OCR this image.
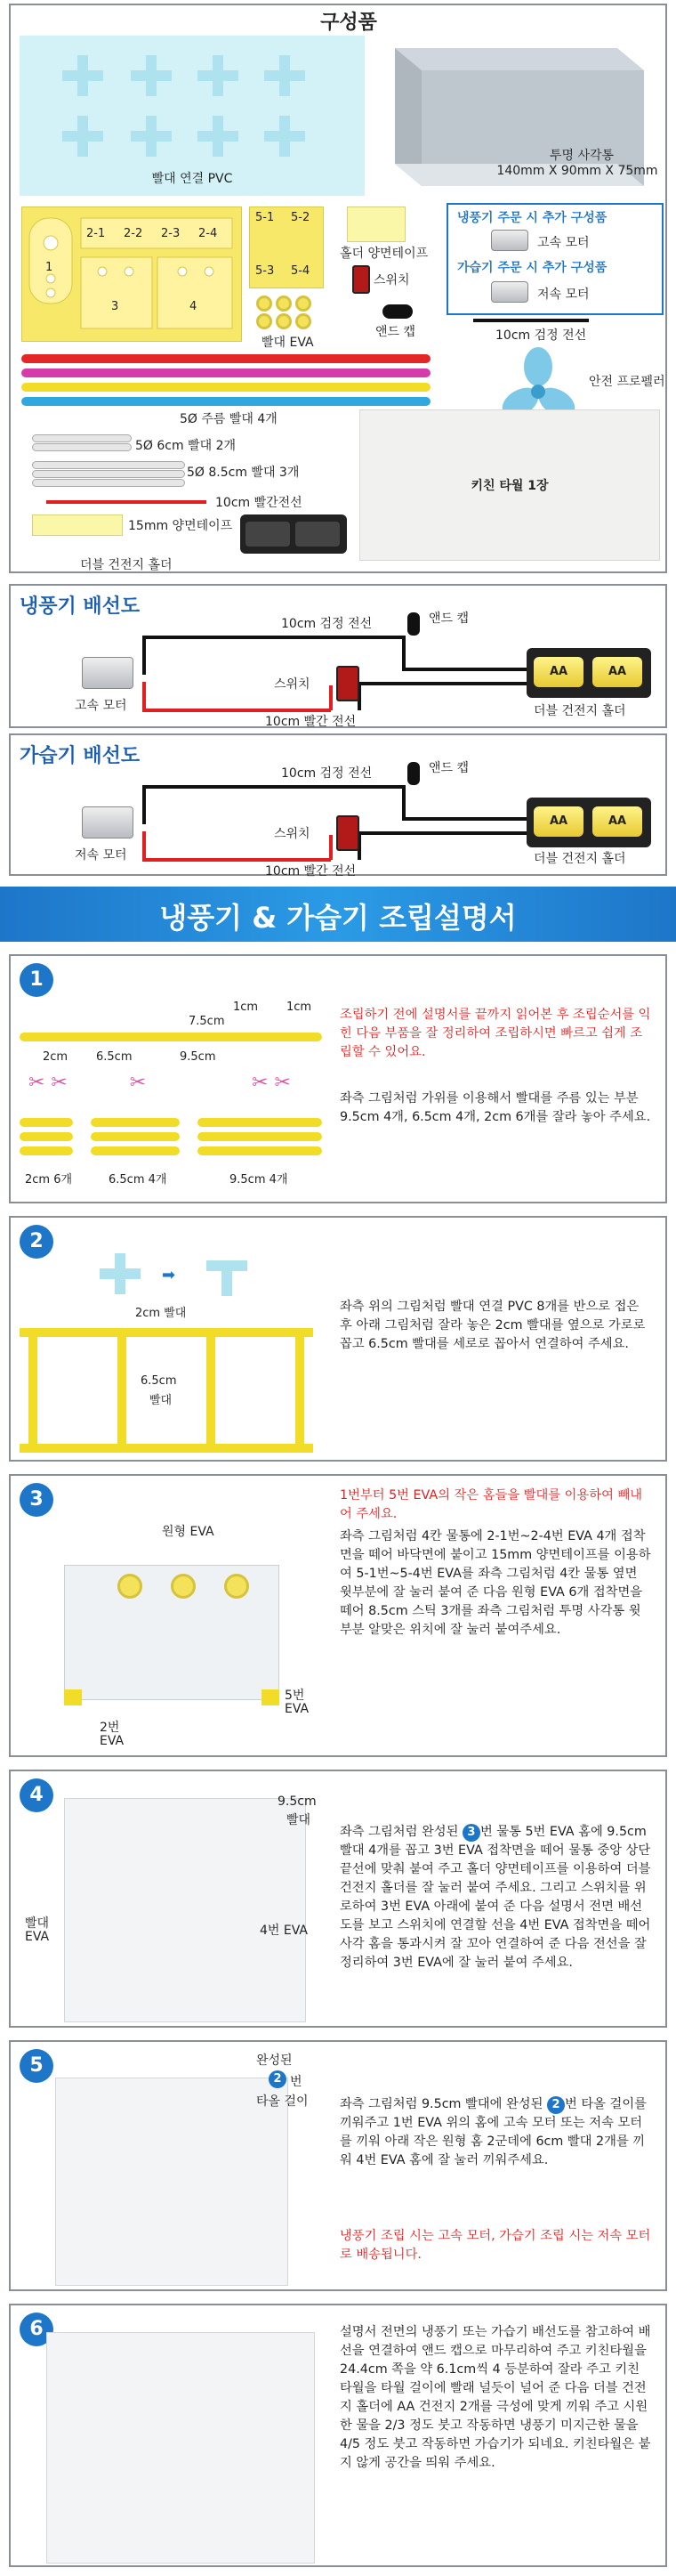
구성품
빨대 연결 PVC
투명 사각통
140mm X 90mm X 75mm
1
2-1 2-2 2-3 2-4
3	4
5-1 5-2
5-3 5-4
빨대 EVA
홀더 양면테이프
스위치
앤드 캡
냉풍기 주문 시 추가 구성품
고속 모터
가습기 주문 시 추가 구성품
저속 모터
10cm 검정 전선
5Ø 주름 빨대 4개
안전 프로펠러
5Ø 6cm 빨대 2개
5Ø 8.5cm 빨대 3개
10cm 빨간전선
15mm 양면테이프
더블 건전지 홀더
키친 타월 1장
냉풍기 배선도
고속 모터
스위치
10cm 검정 전선	앤드 캡
10cm 빨간 전선
AA	AA
더블 건전지 홀더
가습기 배선도
저속 모터
스위치
10cm 검정 전선	앤드 캡
10cm 빨간 전선
AA	AA
더블 건전지 홀더
냉풍기 & 가습기 조립설명서
1
7.5cm
1cm 1cm
2cm 6.5cm	9.5cm
✂ ✂          ✂                 ✂ ✂
2cm 6개	6.5cm 4개	9.5cm 4개
조립하기 전에 설명서를 끝까지 읽어본 후 조립순서를 익힌 다음 부품을 잘 정리하여 조립하시면 빠르고 쉽게 조립할 수 있어요.
좌측 그림처럼 가위를 이용해서 빨대를 주름 있는 부분 9.5cm 4개, 6.5cm 4개, 2cm 6개를 잘라 놓아 주세요.
2
➡
2cm 빨대
6.5cm
빨대
좌측 위의 그림처럼 빨대 연결 PVC 8개를 반으로 접은 후 아래 그림처럼 잘라 놓은 2cm 빨대를 옆으로 가로로 꼽고 6.5cm 빨대를 세로로 꼽아서 연결하여 주세요.
3
원형 EVA
2번
EVA
5번
EVA
1번부터 5번 EVA의 작은 홈들을 빨대를 이용하여 빼내어 주세요.
좌측 그림처럼 4칸 물통에 2-1번~2-4번 EVA 4개 접착면을 떼어 바닥면에 붙이고 15mm 양면테이프를 이용하여 5-1번~5-4번 EVA를 좌측 그림처럼 4칸 물통 옆면 윗부분에 잘 눌러 붙여 준 다음 원형 EVA 6개 접착면을 떼어 8.5cm 스틱 3개를 좌측 그림처럼 투명 사각통 윗부분 알맞은 위치에 잘 눌러 붙여주세요.
4	9.5cm
빨대
4번 EVA
빨대
EVA
좌측 그림처럼 완성된 3 번 물통 5번 EVA 홈에 9.5cm 빨대 4개를 꼽고 3번 EVA 접착면을 떼어 물통 중앙 상단 끝선에 맞춰 붙여 주고 홀더 양면테이프를 이용하여 더블 건전지 홀더를 잘 눌러 붙여 주세요. 그리고 스위치를 위로하여 3번 EVA 아래에 붙여 준 다음 설명서 전면 배선도를 보고 스위치에 연결할 선을 4번 EVA 접착면을 떼어 사각 홈을 통과시켜 잘 꼬아 연결하여 준 다음 전선을 잘 정리하여 3번 EVA에 잘 눌러 붙여 주세요.
5	완성된
2 번
타올 걸이 좌측 그림처럼 9.5cm 빨대에 완성된 2 번 타올 걸이를 끼워주고 1번 EVA 위의 홈에 고속 모터 또는 저속 모터를 끼워 아래 작은 원형 홈 2군데에 6cm 빨대 2개를 끼워 4번 EVA 홈에 잘 눌러 끼워주세요.
냉풍기 조립 시는 고속 모터, 가습기 조립 시는 저속 모터로 배송됩니다.
6	설명서 전면의 냉풍기 또는 가습기 배선도를 참고하여 배선을 연결하여 앤드 캡으로 마무리하여 주고 키친타월을 24.4cm 쪽을 약 6.1cm씩 4 등분하여 잘라 주고 키친 타월을 타월 걸이에 빨래 널듯이 널어 준 다음 더블 건전지 홀더에 AA 건전지 2개를 극성에 맞게 끼워 주고 시원한 물을 2/3 정도 붓고 작동하면 냉풍기 미지근한 물을 4/5 정도 붓고 작동하면 가습기가 되네요. 키친타월은 붙지 않게 공간을 띄워 주세요.
